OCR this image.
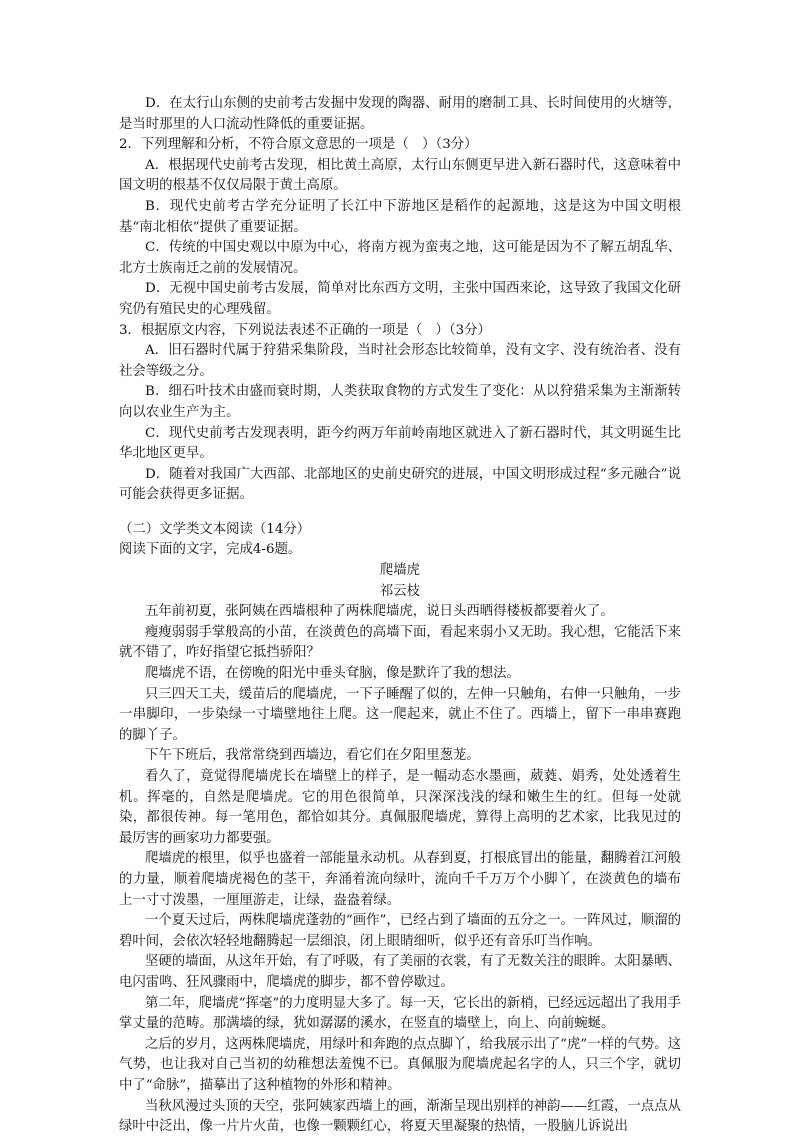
D．在太行山东侧的史前考古发掘中发现的陶器、耐用的磨制工具、长时间使用的火塘等，是当时那里的人口流动性降低的重要证据。

2．下列理解和分析，不符合原文意思的一项是（　）（3分）

A．根据现代史前考古发现，相比黄土高原，太行山东侧更早进入新石器时代，这意味着中国文明的根基不仅仅局限于黄土高原。

B．现代史前考古学充分证明了长江中下游地区是稻作的起源地，这是这为中国文明根基“南北相依”提供了重要证据。

C．传统的中国史观以中原为中心，将南方视为蛮夷之地，这可能是因为不了解五胡乱华、北方士族南迁之前的发展情况。

D．无视中国史前考古发展，简单对比东西方文明，主张中国西来论，这导致了我国文化研究仍有殖民史的心理残留。

3．根据原文内容，下列说法表述不正确的一项是（　）（3分）

A．旧石器时代属于狩猎采集阶段，当时社会形态比较简单，没有文字、没有统治者、没有社会等级之分。

B．细石叶技术由盛而衰时期，人类获取食物的方式发生了变化：从以狩猎采集为主渐渐转向以农业生产为主。

C．现代史前考古发现表明，距今约两万年前岭南地区就进入了新石器时代，其文明诞生比华北地区更早。

D．随着对我国广大西部、北部地区的史前史研究的进展，中国文明形成过程“多元融合”说可能会获得更多证据。

（二）文学类文本阅读（14分）

阅读下面的文字，完成4-6题。

爬墙虎

祁云枝

五年前初夏，张阿姨在西墙根种了两株爬墙虎，说日头西晒得楼板都要着火了。

瘦瘦弱弱手掌般高的小苗，在淡黄色的高墙下面，看起来弱小又无助。我心想，它能活下来就不错了，咋好指望它抵挡骄阳？

爬墙虎不语，在傍晚的阳光中垂头耷脑，像是默许了我的想法。

只三四天工夫，缓苗后的爬墙虎，一下子睡醒了似的，左伸一只触角，右伸一只触角，一步一串脚印，一步染绿一寸墙壁地往上爬。这一爬起来，就止不住了。西墙上，留下一串串赛跑的脚丫子。

下午下班后，我常常绕到西墙边，看它们在夕阳里葱茏。

看久了，竟觉得爬墙虎长在墙壁上的样子，是一幅动态水墨画，葳蕤、娟秀，处处透着生机。挥毫的，自然是爬墙虎。它的用色很简单，只深深浅浅的绿和嫩生生的红。但每一处就染，都很传神。每一笔用色，都恰如其分。真佩服爬墙虎，算得上高明的艺术家，比我见过的最厉害的画家功力都要强。

爬墙虎的根里，似乎也盛着一部能量永动机。从春到夏，打根底冒出的能量，翻腾着江河般的力量，顺着爬墙虎褐色的茎干，奔涌着流向绿叶，流向千千万万个小脚丫，在淡黄色的墙布上一寸寸泼墨，一厘厘游走，让绿，盎盎着绿。

一个夏天过后，两株爬墙虎蓬勃的“画作”，已经占到了墙面的五分之一。一阵风过，顺溜的碧叶间，会依次轻轻地翻腾起一层细浪，闭上眼睛细听，似乎还有音乐叮当作响。

坚硬的墙面，从这年开始，有了呼吸，有了美丽的衣裳，有了无数关注的眼眸。太阳暴晒、电闪雷鸣、狂风骤雨中，爬墙虎的脚步，都不曾停歇过。

第二年，爬墙虎“挥毫”的力度明显大多了。每一天，它长出的新梢，已经远远超出了我用手掌丈量的范畴。那满墙的绿，犹如潺潺的溪水，在竖直的墙壁上，向上、向前蜿蜒。

之后的岁月，这两株爬墙虎，用绿叶和奔跑的点点脚丫，给我展示出了“虎”一样的气势。这气势，也让我对自己当初的幼稚想法羞愧不已。真佩服为爬墙虎起名字的人，只三个字，就切中了“命脉”，描摹出了这种植物的外形和精神。

当秋风漫过头顶的天空，张阿姨家西墙上的画，渐渐呈现出别样的神韵——红霞，一点点从绿叶中泛出，像一片片火苗，也像一颗颗红心，将夏天里凝聚的热情，一股脑儿诉说出
